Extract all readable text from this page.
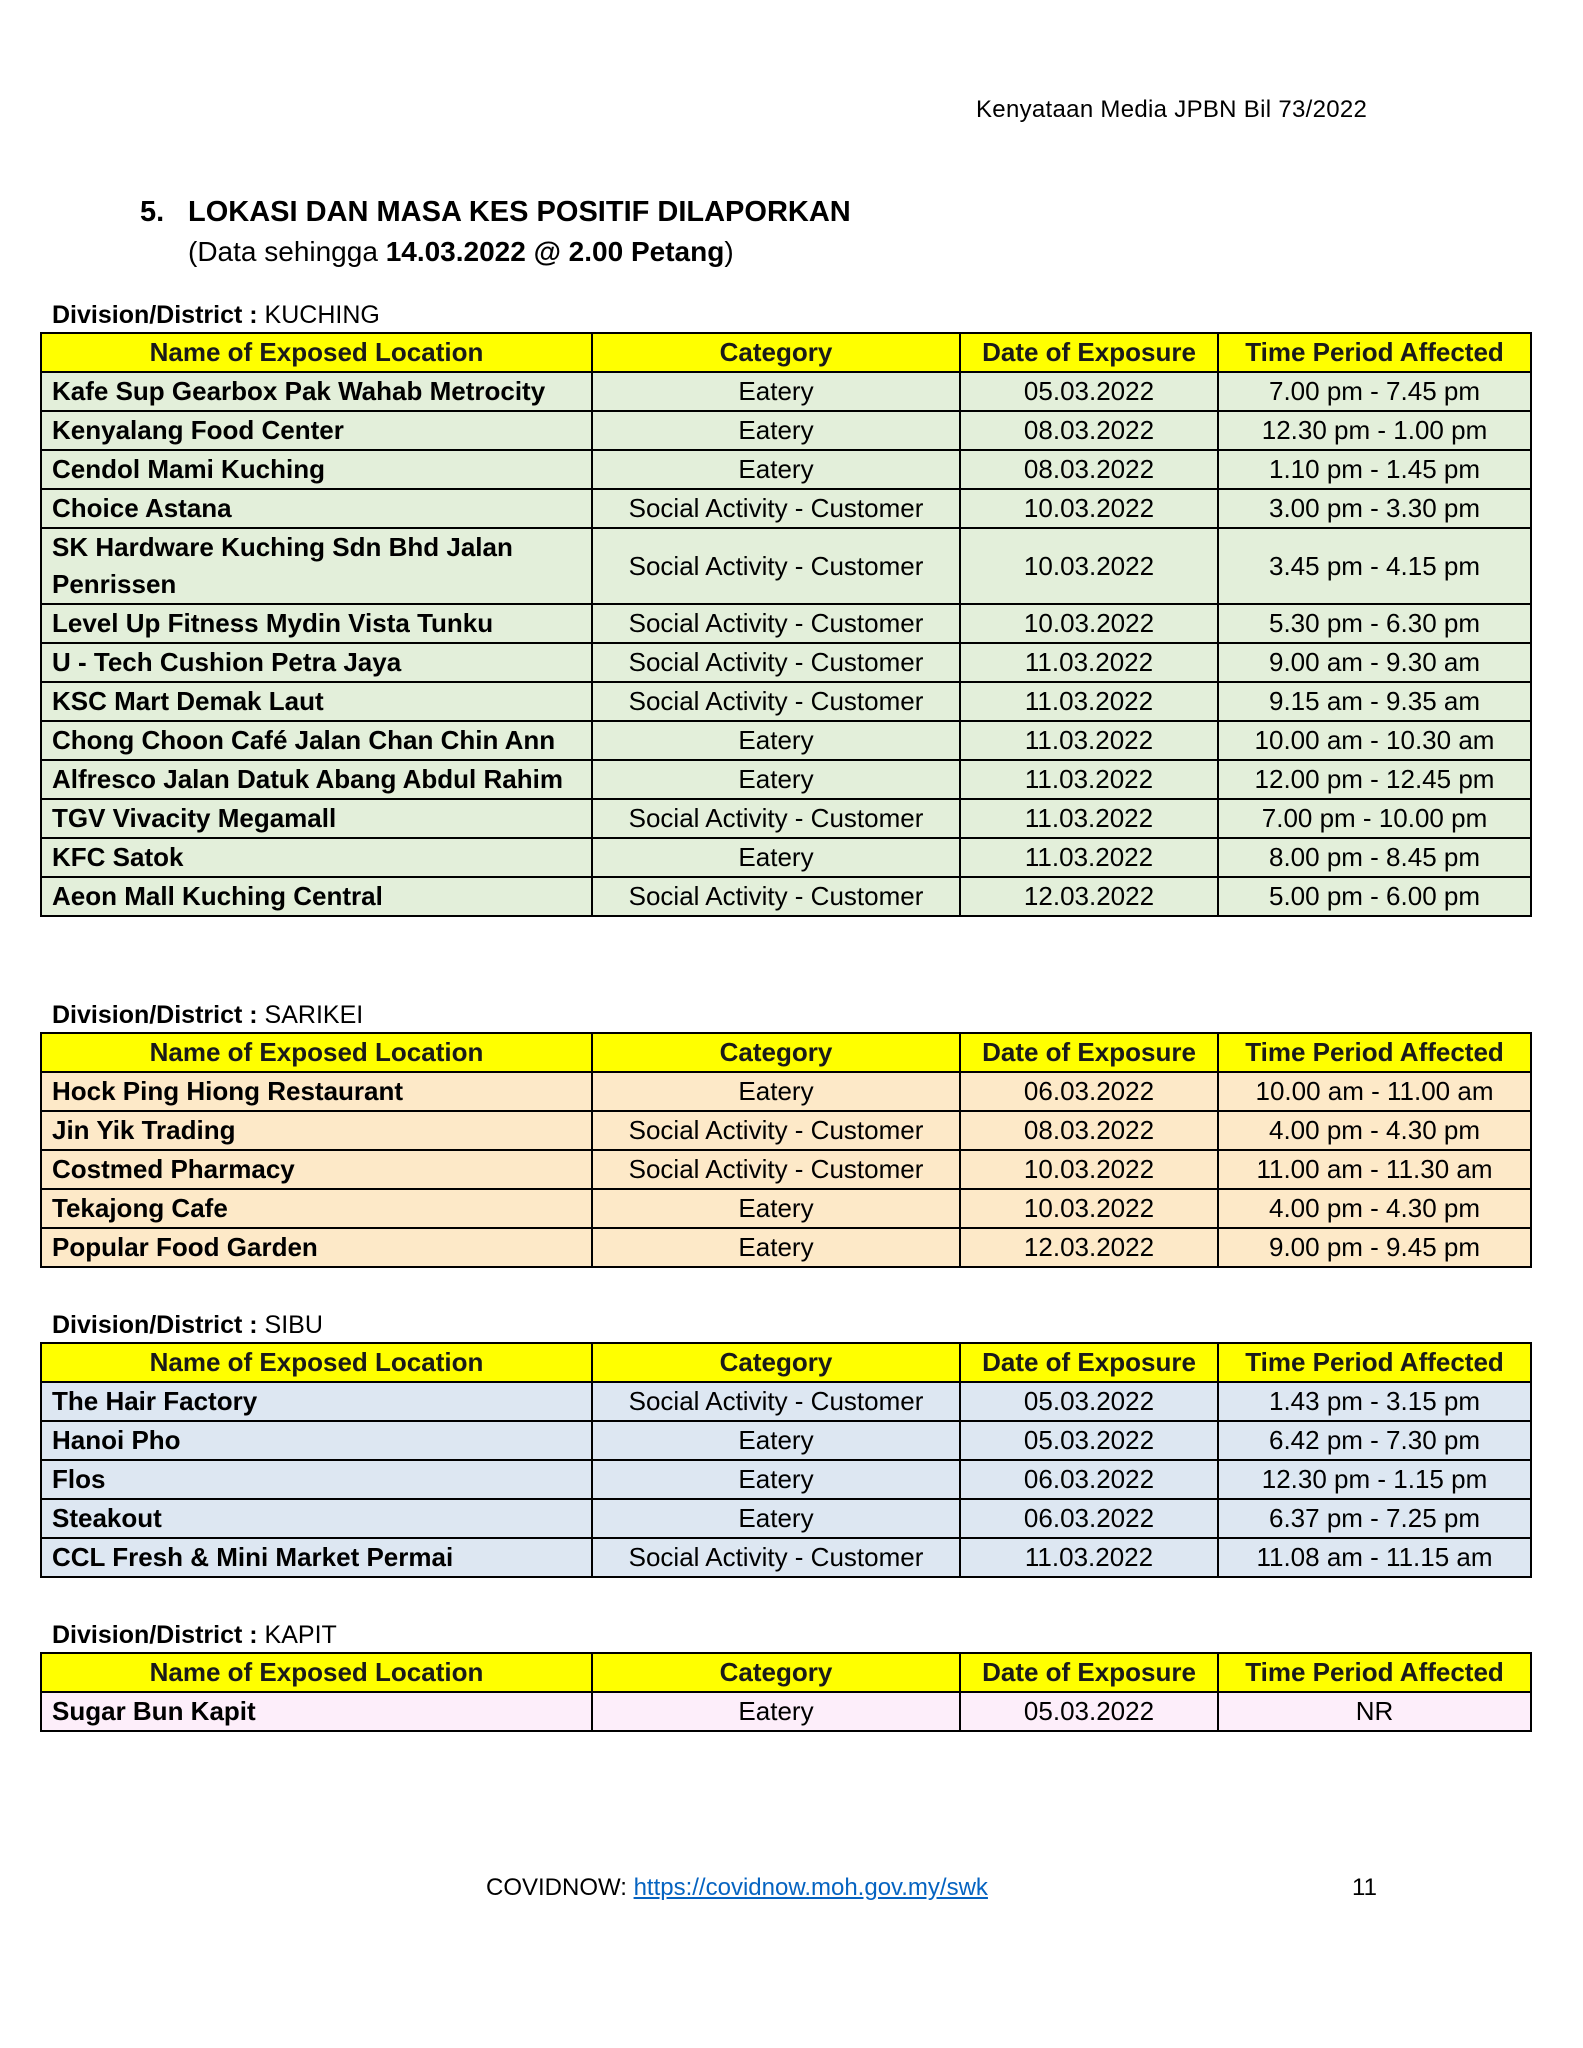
Kenyataan Media JPBN Bil 73/2022
5. LOKASI DAN MASA KES POSITIF DILAPORKAN
(Data sehingga 14.03.2022 @ 2.00 Petang)
Division/District : KUCHING
Name of Exposed Location	Category	Date of Exposure	Time Period Affected
Kafe Sup Gearbox Pak Wahab Metrocity	Eatery	05.03.2022	7.00 pm - 7.45 pm
Kenyalang Food Center	Eatery	08.03.2022	12.30 pm - 1.00 pm
Cendol Mami Kuching	Eatery	08.03.2022	1.10 pm - 1.45 pm
Choice Astana	Social Activity - Customer	10.03.2022	3.00 pm - 3.30 pm
SK Hardware Kuching Sdn Bhd Jalan Penrissen	Social Activity - Customer	10.03.2022	3.45 pm - 4.15 pm
Level Up Fitness Mydin Vista Tunku	Social Activity - Customer	10.03.2022	5.30 pm - 6.30 pm
U - Tech Cushion Petra Jaya	Social Activity - Customer	11.03.2022	9.00 am - 9.30 am
KSC Mart Demak Laut	Social Activity - Customer	11.03.2022	9.15 am - 9.35 am
Chong Choon Café Jalan Chan Chin Ann	Eatery	11.03.2022	10.00 am - 10.30 am
Alfresco Jalan Datuk Abang Abdul Rahim	Eatery	11.03.2022	12.00 pm - 12.45 pm
TGV Vivacity Megamall	Social Activity - Customer	11.03.2022	7.00 pm - 10.00 pm
KFC Satok	Eatery	11.03.2022	8.00 pm - 8.45 pm
Aeon Mall Kuching Central	Social Activity - Customer	12.03.2022	5.00 pm - 6.00 pm
Division/District : SARIKEI
Name of Exposed Location	Category	Date of Exposure	Time Period Affected
Hock Ping Hiong Restaurant	Eatery	06.03.2022	10.00 am - 11.00 am
Jin Yik Trading	Social Activity - Customer	08.03.2022	4.00 pm - 4.30 pm
Costmed Pharmacy	Social Activity - Customer	10.03.2022	11.00 am - 11.30 am
Tekajong Cafe	Eatery	10.03.2022	4.00 pm - 4.30 pm
Popular Food Garden	Eatery	12.03.2022	9.00 pm - 9.45 pm
Division/District : SIBU
Name of Exposed Location	Category	Date of Exposure	Time Period Affected
The Hair Factory	Social Activity - Customer	05.03.2022	1.43 pm - 3.15 pm
Hanoi Pho	Eatery	05.03.2022	6.42 pm - 7.30 pm
Flos	Eatery	06.03.2022	12.30 pm - 1.15 pm
Steakout	Eatery	06.03.2022	6.37 pm - 7.25 pm
CCL Fresh & Mini Market Permai	Social Activity - Customer	11.03.2022	11.08 am - 11.15 am
Division/District : KAPIT
Name of Exposed Location	Category	Date of Exposure	Time Period Affected
Sugar Bun Kapit	Eatery	05.03.2022	NR
COVIDNOW: https://covidnow.moh.gov.my/swk	11
